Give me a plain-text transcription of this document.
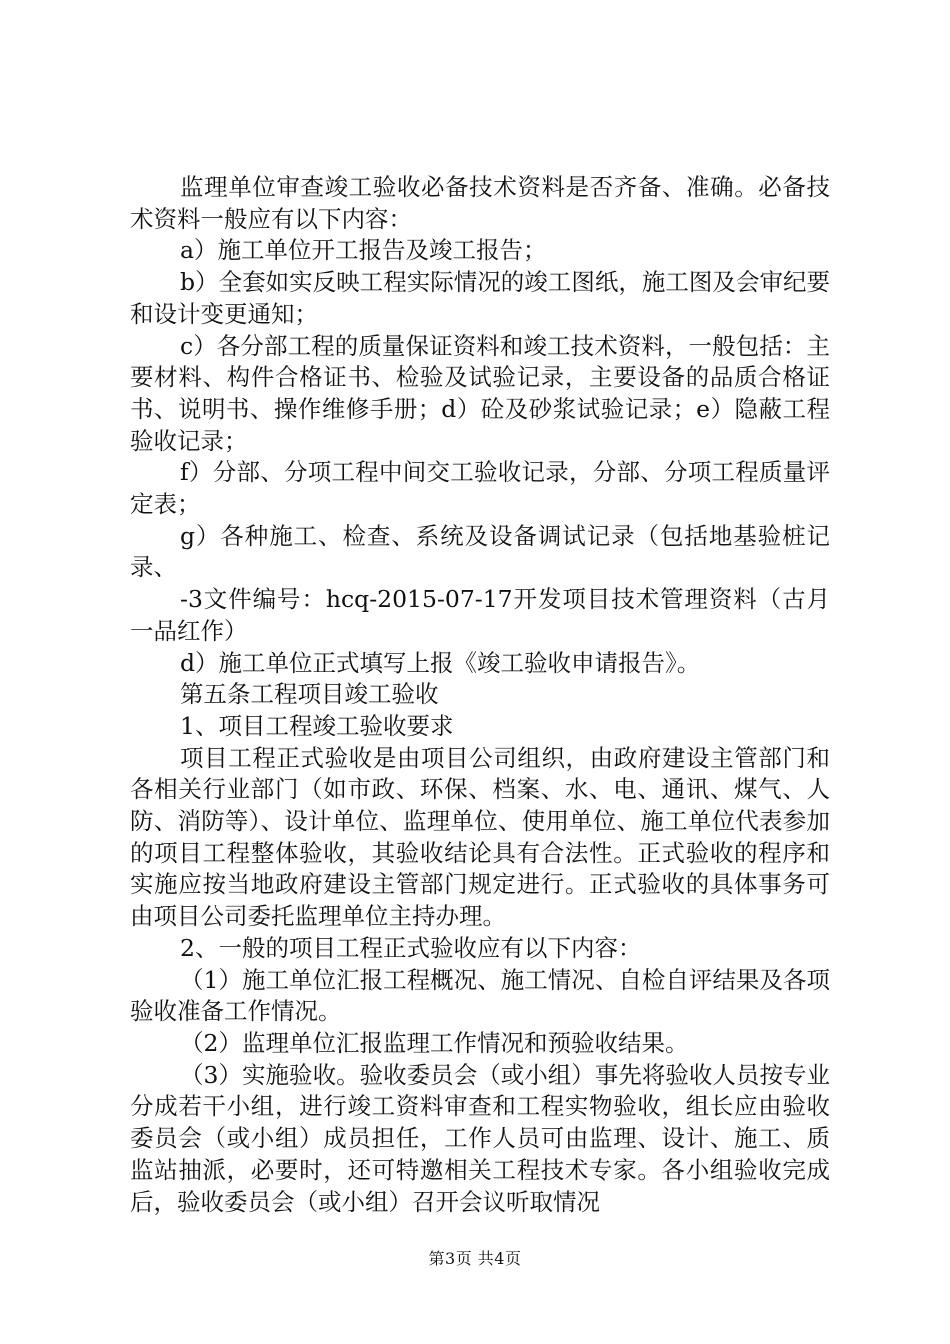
监理单位审查竣工验收必备技术资料是否齐备、准确。必备技术资料一般应有以下内容：

a）施工单位开工报告及竣工报告；

b）全套如实反映工程实际情况的竣工图纸，施工图及会审纪要和设计变更通知；

c）各分部工程的质量保证资料和竣工技术资料，一般包括：主要材料、构件合格证书、检验及试验记录，主要设备的品质合格证书、说明书、操作维修手册；d）砼及砂浆试验记录；e）隐蔽工程验收记录；

f）分部、分项工程中间交工验收记录，分部、分项工程质量评定表；

g）各种施工、检查、系统及设备调试记录（包括地基验桩记录、

-3文件编号：hcq-2015-07-17开发项目技术管理资料（古月一品红作）

d）施工单位正式填写上报《竣工验收申请报告》。

第五条工程项目竣工验收

1、项目工程竣工验收要求

项目工程正式验收是由项目公司组织，由政府建设主管部门和各相关行业部门（如市政、环保、档案、水、电、通讯、煤气、人防、消防等）、设计单位、监理单位、使用单位、施工单位代表参加的项目工程整体验收，其验收结论具有合法性。正式验收的程序和实施应按当地政府建设主管部门规定进行。正式验收的具体事务可由项目公司委托监理单位主持办理。

2、一般的项目工程正式验收应有以下内容：

（1）施工单位汇报工程概况、施工情况、自检自评结果及各项验收准备工作情况。

（2）监理单位汇报监理工作情况和预验收结果。

（3）实施验收。验收委员会（或小组）事先将验收人员按专业分成若干小组，进行竣工资料审查和工程实物验收，组长应由验收委员会（或小组）成员担任，工作人员可由监理、设计、施工、质监站抽派，必要时，还可特邀相关工程技术专家。各小组验收完成后，验收委员会（或小组）召开会议听取情况

第3页 共4页
